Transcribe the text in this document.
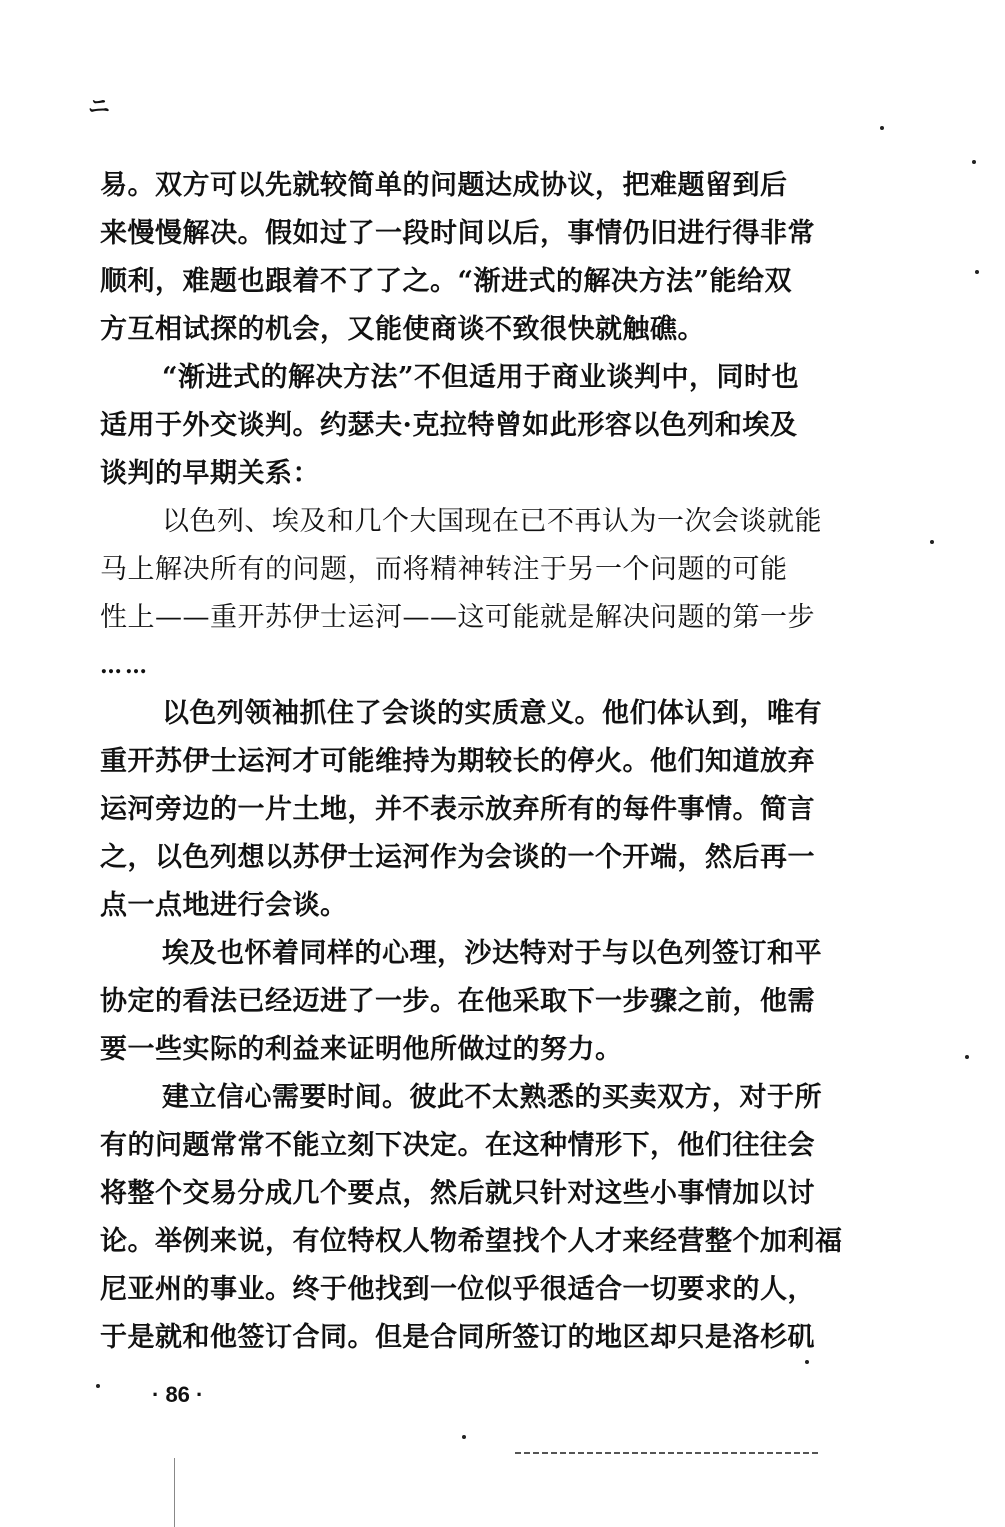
ニ
易。双方可以先就较简单的问题达成协议，把难题留到后
来慢慢解决。假如过了一段时间以后，事情仍旧进行得非常
顺利，难题也跟着不了了之。“渐进式的解决方法”能给双
方互相试探的机会，又能使商谈不致很快就触礁。
“渐进式的解决方法”不但适用于商业谈判中，同时也
适用于外交谈判。约瑟夫·克拉特曾如此形容以色列和埃及
谈判的早期关系：
以色列、埃及和几个大国现在已不再认为一次会谈就能
马上解决所有的问题，而将精神转注于另一个问题的可能
性上——重开苏伊士运河——这可能就是解决问题的第一步
……
以色列领袖抓住了会谈的实质意义。他们体认到，唯有
重开苏伊士运河才可能维持为期较长的停火。他们知道放弃
运河旁边的一片土地，并不表示放弃所有的每件事情。简言
之，以色列想以苏伊士运河作为会谈的一个开端，然后再一
点一点地进行会谈。
埃及也怀着同样的心理，沙达特对于与以色列签订和平
协定的看法已经迈进了一步。在他采取下一步骤之前，他需
要一些实际的利益来证明他所做过的努力。
建立信心需要时间。彼此不太熟悉的买卖双方，对于所
有的问题常常不能立刻下决定。在这种情形下，他们往往会
将整个交易分成几个要点，然后就只针对这些小事情加以讨
论。举例来说，有位特权人物希望找个人才来经营整个加利福
尼亚州的事业。终于他找到一位似乎很适合一切要求的人，
于是就和他签订合同。但是合同所签订的地区却只是洛杉矶
· 86 ·
